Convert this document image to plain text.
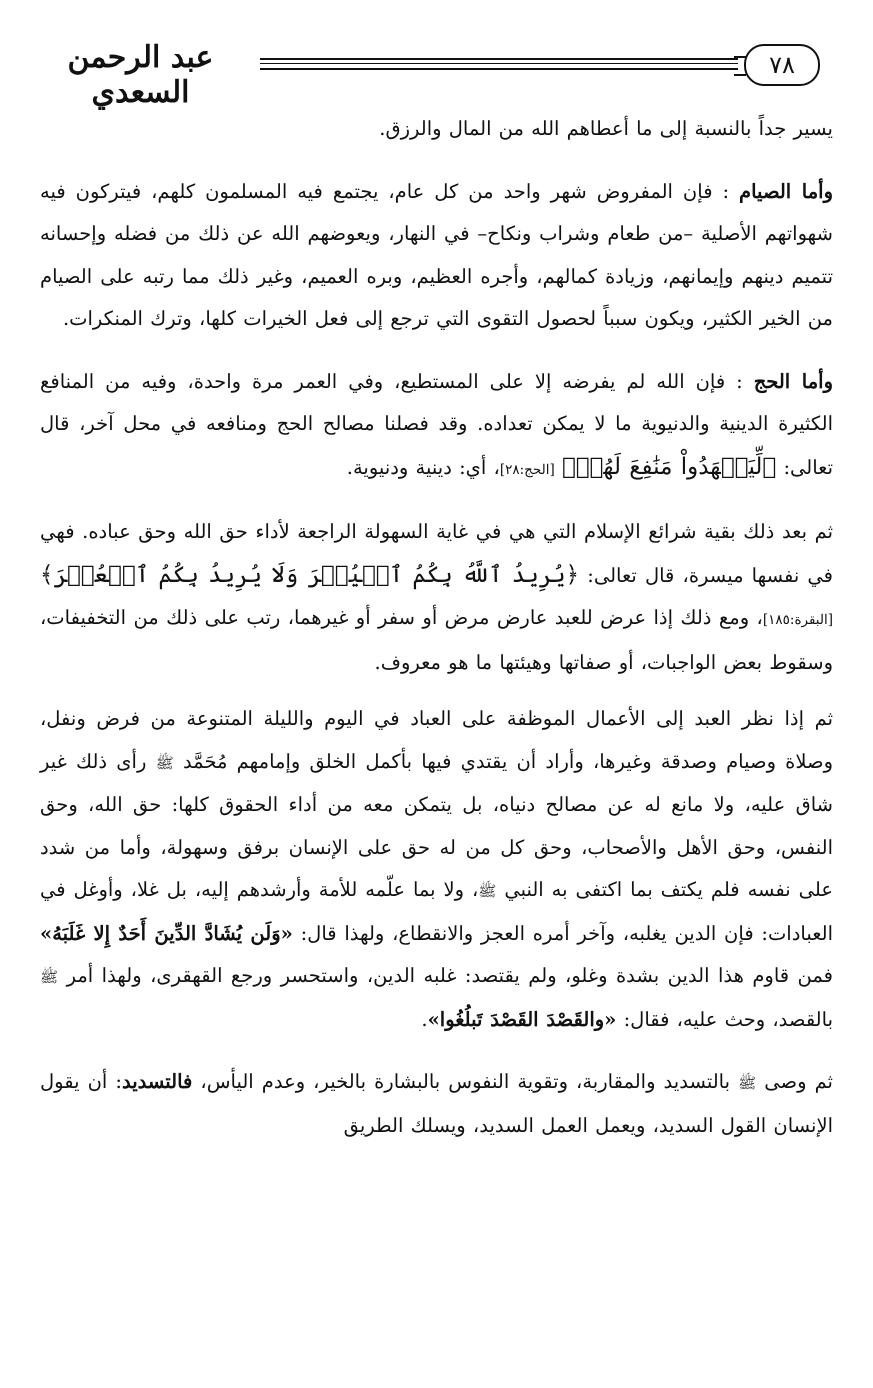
عبد الرحمن السعدي
٧٨

يسير جداً بالنسبة إلى ما أعطاهم الله من المال والرزق.

وأما الصيام : فإن المفروض شهر واحد من كل عام، يجتمع فيه المسلمون كلهم، فيتركون فيه شهواتهم الأصلية –من طعام وشراب ونكاح– في النهار، ويعوضهم الله عن ذلك من فضله وإحسانه تتميم دينهم وإيمانهم، وزيادة كمالهم، وأجره العظيم، وبره العميم، وغير ذلك مما رتبه على الصيام من الخير الكثير، ويكون سبباً لحصول التقوى التي ترجع إلى فعل الخيرات كلها، وترك المنكرات.

وأما الحج : فإن الله لم يفرضه إلا على المستطيع، وفي العمر مرة واحدة، وفيه من المنافع الكثيرة الدينية والدنيوية ما لا يمكن تعداده. وقد فصلنا مصالح الحج ومنافعه في محل آخر، قال تعالى: ﴿لِّيَشۡهَدُواْ مَنَٰفِعَ لَهُمۡ﴾ [الحج:٢٨]، أي: دينية ودنيوية.

ثم بعد ذلك بقية شرائع الإسلام التي هي في غاية السهولة الراجعة لأداء حق الله وحق عباده. فهي في نفسها ميسرة، قال تعالى: ﴿يُرِيدُ ٱللَّهُ بِكُمُ ٱلۡيُسۡرَ وَلَا يُرِيدُ بِكُمُ ٱلۡعُسۡرَ﴾ [البقرة:١٨٥]، ومع ذلك إذا عرض للعبد عارض مرض أو سفر أو غيرهما، رتب على ذلك من التخفيفات، وسقوط بعض الواجبات، أو صفاتها وهيئتها ما هو معروف.

ثم إذا نظر العبد إلى الأعمال الموظفة على العباد في اليوم والليلة المتنوعة من فرض ونفل، وصلاة وصيام وصدقة وغيرها، وأراد أن يقتدي فيها بأكمل الخلق وإمامهم مُحَمَّد ﷺ رأى ذلك غير شاق عليه، ولا مانع له عن مصالح دنياه، بل يتمكن معه من أداء الحقوق كلها: حق الله، وحق النفس، وحق الأهل والأصحاب، وحق كل من له حق على الإنسان برفق وسهولة، وأما من شدد على نفسه فلم يكتف بما اكتفى به النبي ﷺ، ولا بما علّمه للأمة وأرشدهم إليه، بل غلا، وأوغل في العبادات: فإن الدين يغلبه، وآخر أمره العجز والانقطاع، ولهذا قال: «وَلَن يُشَادَّ الدِّينَ أَحَدٌ إِلا غَلَبَهُ» فمن قاوم هذا الدين بشدة وغلو، ولم يقتصد: غلبه الدين، واستحسر ورجع القهقرى، ولهذا أمر ﷺ بالقصد، وحث عليه، فقال: «والقَصْدَ القَصْدَ تَبلُغُوا».

ثم وصى ﷺ بالتسديد والمقاربة، وتقوية النفوس بالبشارة بالخير، وعدم اليأس، فالتسديد: أن يقول الإنسان القول السديد، ويعمل العمل السديد، ويسلك الطريق
